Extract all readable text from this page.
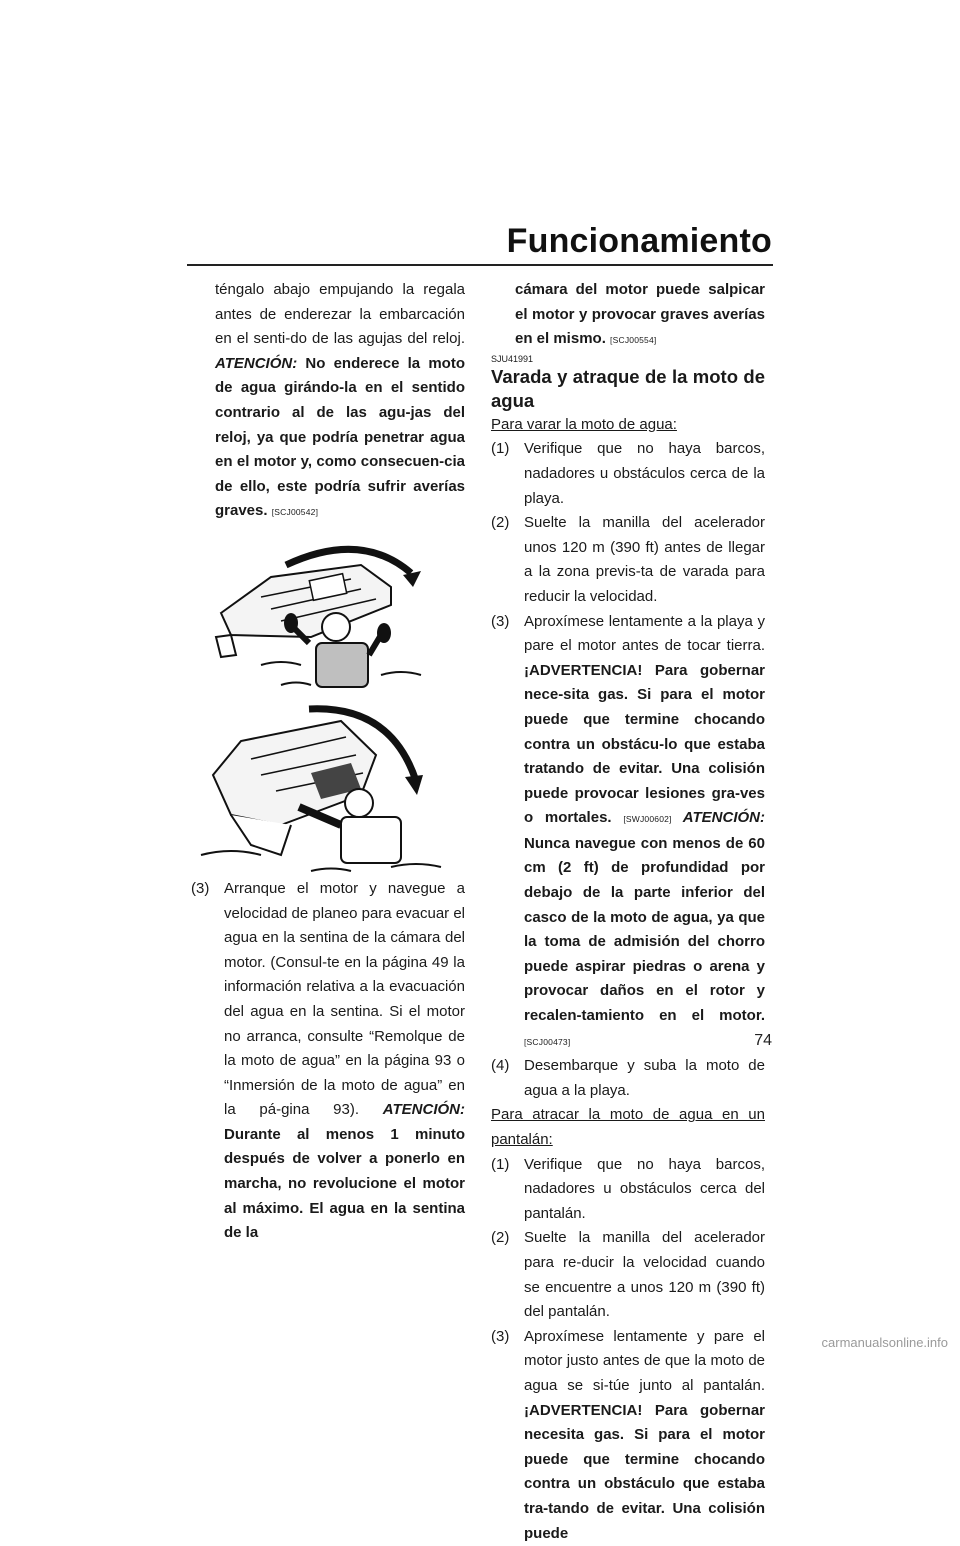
Funcionamiento

téngalo abajo empujando la regala antes de enderezar la embarcación en el senti-do de las agujas del reloj. ATENCIÓN: No enderece la moto de agua girándo-la en el sentido contrario al de las agu-jas del reloj, ya que podría penetrar agua en el motor y, como consecuen-cia de ello, este podría sufrir averías graves. [SCJ00542]

(3) Arranque el motor y navegue a velocidad de planeo para evacuar el agua en la sentina de la cámara del motor. (Consul-te en la página 49 la información relativa a la evacuación del agua en la sentina. Si el motor no arranca, consulte “Remolque de la moto de agua” en la página 93 o “Inmersión de la moto de agua” en la pá-gina 93). ATENCIÓN: Durante al menos 1 minuto después de volver a ponerlo en marcha, no revolucione el motor al máximo. El agua en la sentina de la

cámara del motor puede salpicar el motor y provocar graves averías en el mismo. [SCJ00554]

SJU41991

Varada y atraque de la moto de agua

Para varar la moto de agua:

(1) Verifique que no haya barcos, nadadores u obstáculos cerca de la playa.
(2) Suelte la manilla del acelerador unos 120 m (390 ft) antes de llegar a la zona previs-ta de varada para reducir la velocidad.
(3) Aproxímese lentamente a la playa y pare el motor antes de tocar tierra. ¡ADVERTENCIA! Para gobernar nece-sita gas. Si para el motor puede que termine chocando contra un obstácu-lo que estaba tratando de evitar. Una colisión puede provocar lesiones gra-ves o mortales. [SWJ00602] ATENCIÓN: Nunca navegue con menos de 60 cm (2 ft) de profundidad por debajo de la parte inferior del casco de la moto de agua, ya que la toma de admisión del chorro puede aspirar piedras o arena y provocar daños en el rotor y recalen-tamiento en el motor. [SCJ00473]
(4) Desembarque y suba la moto de agua a la playa.

Para atracar la moto de agua en un pantalán:

(1) Verifique que no haya barcos, nadadores u obstáculos cerca del pantalán.
(2) Suelte la manilla del acelerador para re-ducir la velocidad cuando se encuentre a unos 120 m (390 ft) del pantalán.
(3) Aproxímese lentamente y pare el motor justo antes de que la moto de agua se si-túe junto al pantalán. ¡ADVERTENCIA! Para gobernar necesita gas. Si para el motor puede que termine chocando contra un obstáculo que estaba tra-tando de evitar. Una colisión puede
74
carmanualsonline.info
